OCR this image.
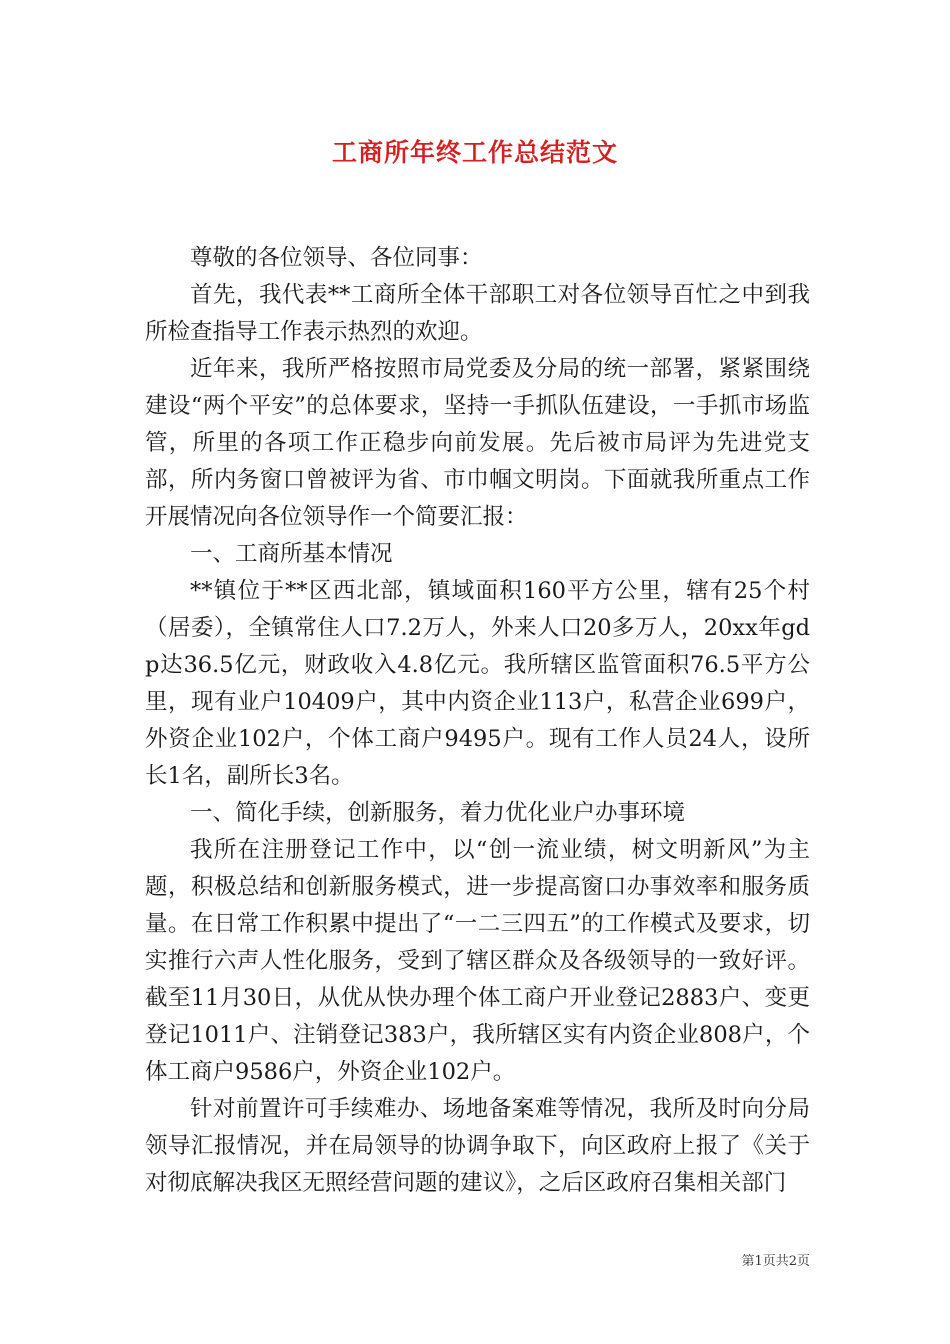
工商所年终工作总结范文

尊敬的各位领导、各位同事：

首先，我代表**工商所全体干部职工对各位领导百忙之中到我所检查指导工作表示热烈的欢迎。

近年来，我所严格按照市局党委及分局的统一部署，紧紧围绕建设“两个平安”的总体要求，坚持一手抓队伍建设，一手抓市场监管，所里的各项工作正稳步向前发展。先后被市局评为先进党支部，所内务窗口曾被评为省、市巾帼文明岗。下面就我所重点工作开展情况向各位领导作一个简要汇报：

一、工商所基本情况

**镇位于**区西北部，镇域面积160平方公里，辖有25个村（居委），全镇常住人口7.2万人，外来人口20多万人，20xx年gdp达36.5亿元，财政收入4.8亿元。我所辖区监管面积76.5平方公里，现有业户10409户，其中内资企业113户，私营企业699户，外资企业102户，个体工商户9495户。现有工作人员24人，设所长1名，副所长3名。

一、简化手续，创新服务，着力优化业户办事环境

我所在注册登记工作中，以“创一流业绩，树文明新风”为主题，积极总结和创新服务模式，进一步提高窗口办事效率和服务质量。在日常工作积累中提出了“一二三四五”的工作模式及要求，切实推行六声人性化服务，受到了辖区群众及各级领导的一致好评。截至11月30日，从优从快办理个体工商户开业登记2883户、变更登记1011户、注销登记383户，我所辖区实有内资企业808户，个体工商户9586户，外资企业102户。

针对前置许可手续难办、场地备案难等情况，我所及时向分局领导汇报情况，并在局领导的协调争取下，向区政府上报了《关于对彻底解决我区无照经营问题的建议》，之后区政府召集相关部门

第1页共2页
